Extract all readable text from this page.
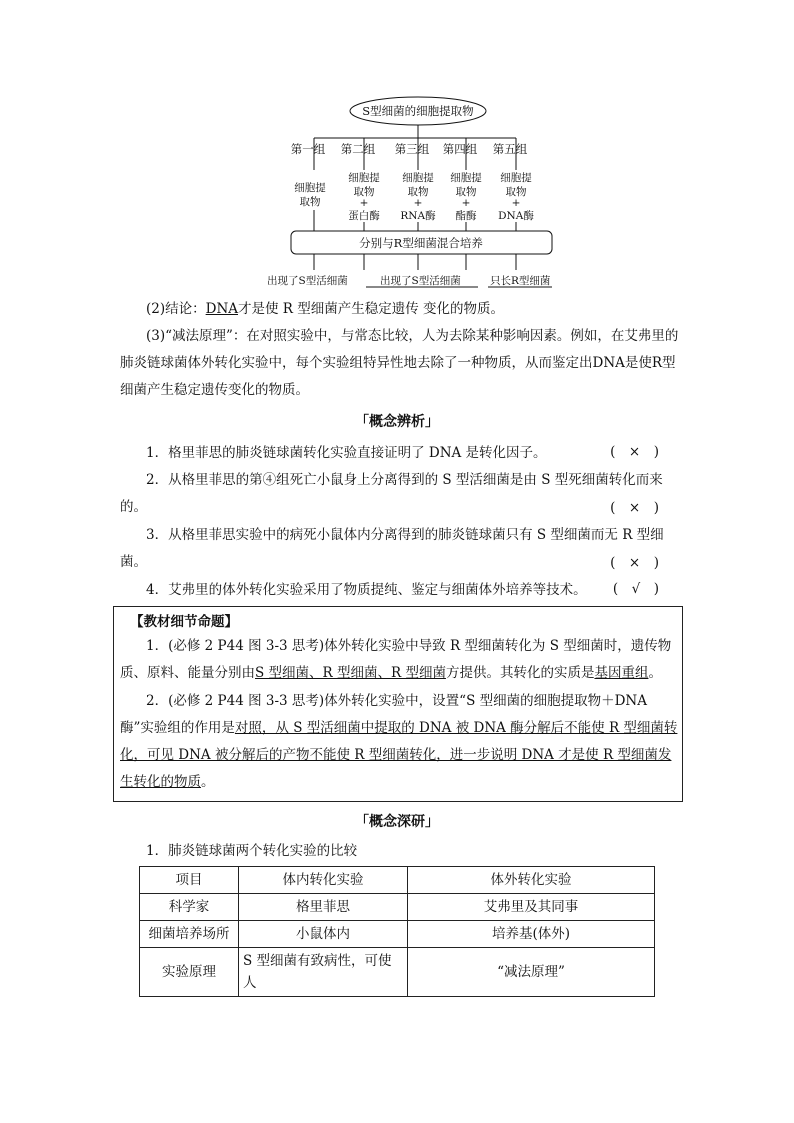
S型细菌的细胞提取物
第一组 第二组 第三组 第四组 第五组
细胞提
取物
细胞提
取物
+
蛋白酶
细胞提
取物
+
RNA酶
细胞提
取物
+
酯酶
细胞提
取物
+
DNA酶
分别与R型细菌混合培养
出现了S型活细菌	出现了S型活细菌	只长R型细菌
(2)结论：DNA才是使 R 型细菌产生稳定遗传 变化的物质。
(3)“减法原理”：在对照实验中，与常态比较，人为去除某种影响因素。例如，在艾弗里的肺炎链球菌体外转化实验中，每个实验组特异性地去除了一种物质，从而鉴定出DNA是使R型细菌产生稳定遗传变化的物质。
「概念辨析」
1．格里菲思的肺炎链球菌转化实验直接证明了 DNA 是转化因子。	(　×　)
2．从格里菲思的第④组死亡小鼠身上分离得到的 S 型活细菌是由 S 型死细菌转化而来的。	(　×　)
3．从格里菲思实验中的病死小鼠体内分离得到的肺炎链球菌只有 S 型细菌而无 R 型细菌。	(　×　)
4．艾弗里的体外转化实验采用了物质提纯、鉴定与细菌体外培养等技术。	(　√　)
【教材细节命题】
1．(必修 2 P44 图 3-3 思考)体外转化实验中导致 R 型细菌转化为 S 型细菌时，遗传物质、原料、能量分别由S 型细菌、R 型细菌、R 型细菌方提供。其转化的实质是基因重组。
2．(必修 2 P44 图 3-3 思考)体外转化实验中，设置“S 型细菌的细胞提取物＋DNA 酶”实验组的作用是对照，从 S 型活细菌中提取的 DNA 被 DNA 酶分解后不能使 R 型细菌转化，可见 DNA 被分解后的产物不能使 R 型细菌转化，进一步说明 DNA 才是使 R 型细菌发生转化的物质。
「概念深研」
1．肺炎链球菌两个转化实验的比较
项目	体内转化实验	体外转化实验
科学家	格里菲思	艾弗里及其同事
细菌培养场所	小鼠体内	培养基(体外)
实验原理	S 型细菌有致病性，可使人	“减法原理”
